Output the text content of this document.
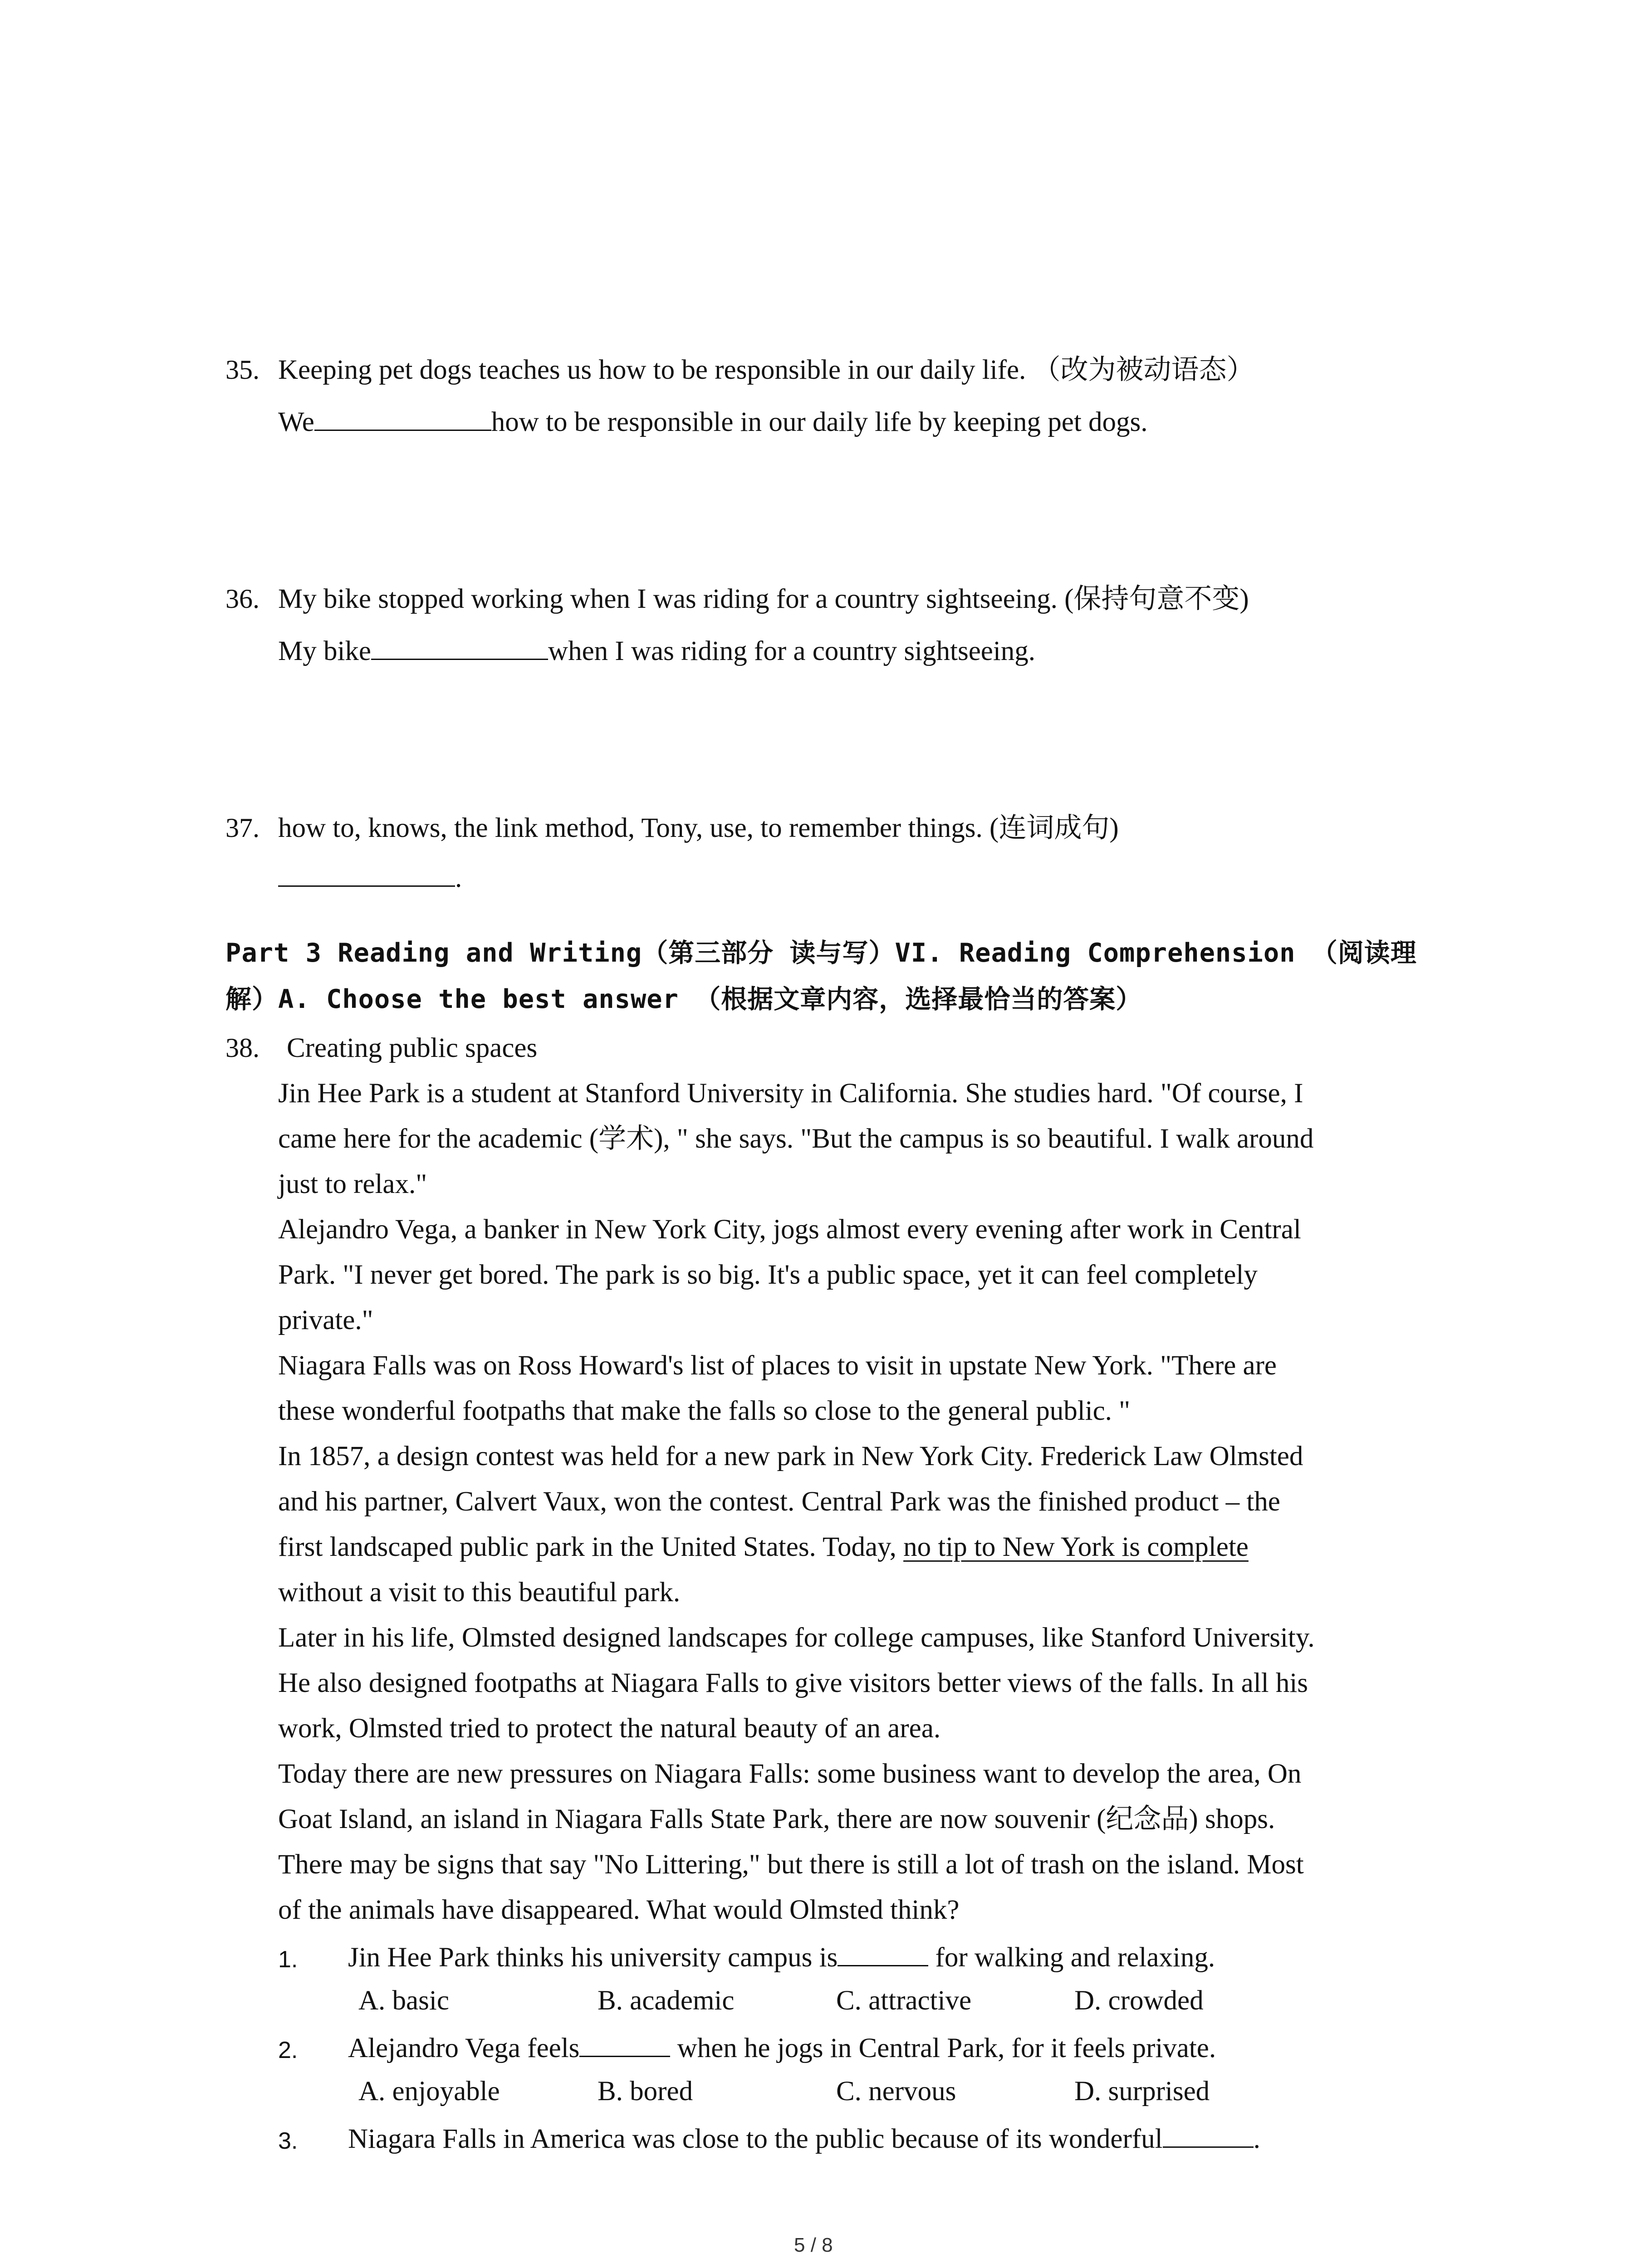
35. Keeping pet dogs teaches us how to be responsible in our daily life. （改为被动语态）
We	how to be responsible in our daily life by keeping pet dogs.
36. My bike stopped working when I was riding for a country sightseeing. (保持句意不变)
My bike	when I was riding for a country sightseeing.
37. how to, knows, the link method, Tony, use, to remember things. (连词成句)
.
Part 3 Reading and Writing（第三部分 读与写）VI. Reading Comprehension （阅读理
解）A. Choose the best answer （根据文章内容，选择最恰当的答案）
38. Creating public spaces
Jin Hee Park is a student at Stanford University in California. She studies hard. "Of course, I
came here for the academic (学术), " she says. "But the campus is so beautiful. I walk around
just to relax."
Alejandro Vega, a banker in New York City, jogs almost every evening after work in Central
Park. "I never get bored. The park is so big. It's a public space, yet it can feel completely
private."
Niagara Falls was on Ross Howard's list of places to visit in upstate New York. "There are
these wonderful footpaths that make the falls so close to the general public. "
In 1857, a design contest was held for a new park in New York City. Frederick Law Olmsted
and his partner, Calvert Vaux, won the contest. Central Park was the finished product – the
first landscaped public park in the United States. Today, no tip to New York is complete
without a visit to this beautiful park.
Later in his life, Olmsted designed landscapes for college campuses, like Stanford University.
He also designed footpaths at Niagara Falls to give visitors better views of the falls. In all his
work, Olmsted tried to protect the natural beauty of an area.
Today there are new pressures on Niagara Falls: some business want to develop the area, On
Goat Island, an island in Niagara Falls State Park, there are now souvenir (纪念品) shops.
There may be signs that say "No Littering," but there is still a lot of trash on the island. Most
of the animals have disappeared. What would Olmsted think?
1. Jin Hee Park thinks his university campus is	for walking and relaxing.
A. basic	B. academic	C. attractive	D. crowded
2. Alejandro Vega feels	when he jogs in Central Park, for it feels private.
A. enjoyable	B. bored	C. nervous	D. surprised
3. Niagara Falls in America was close to the public because of its wonderful	.
5 / 8
